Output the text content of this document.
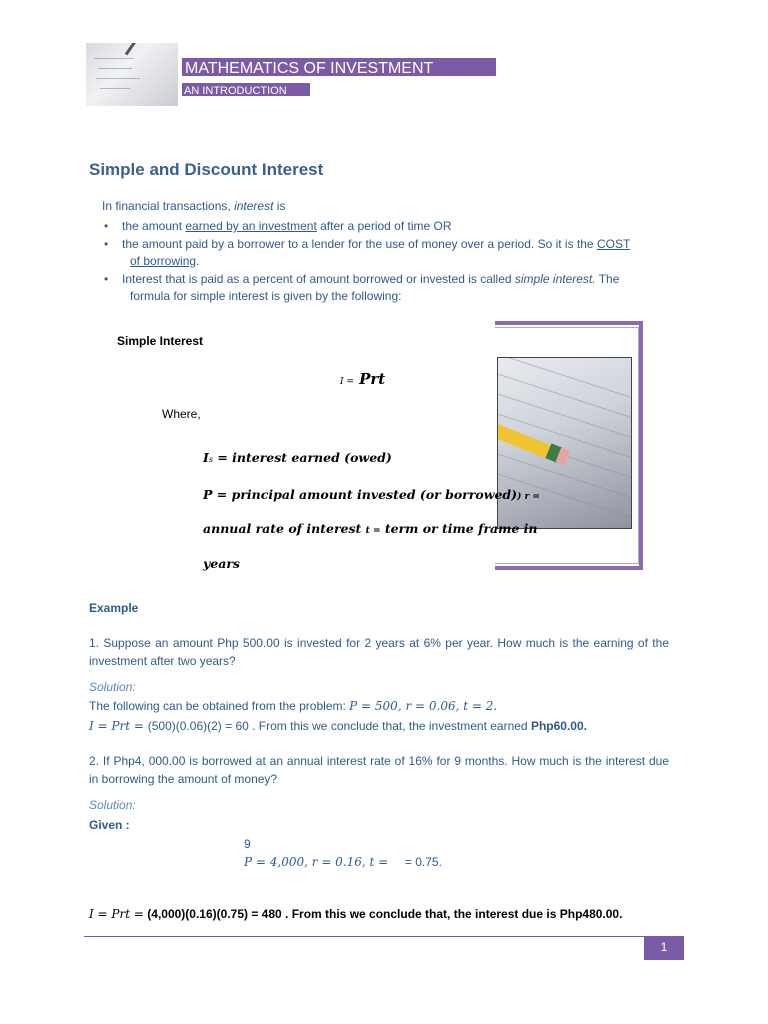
MATHEMATICS OF INVESTMENT
AN INTRODUCTION
Simple and Discount Interest
In financial transactions, interest is
• the amount earned by an investment after a period of time OR
• the amount paid by a borrower to a lender for the use of money over a period. So it is the COST
of borrowing.
• Interest that is paid as a percent of amount borrowed or invested is called simple interest. The
formula for simple interest is given by the following:
Simple Interest
I = Prt
Where,
Is = interest earned (owed)
P = principal amount invested (or borrowed)) r =
annual rate of interest t = term or time frame in
years
Example
1. Suppose an amount Php 500.00 is invested for 2 years at 6% per year. How much is the earning of the investment after two years?
Solution:
The following can be obtained from the problem: P = 500, r = 0.06, t = 2.
I = Prt = (500)(0.06)(2) = 60 . From this we conclude that, the investment earned Php60.00.
2. If Php4, 000.00 is borrowed at an annual interest rate of 16% for 9 months. How much is the interest due in borrowing the amount of money?
Solution:
Given :
9
P = 4,000, r = 0.16, t = = 0.75.
I = Prt = (4,000)(0.16)(0.75) = 480 . From this we conclude that, the interest due is Php480.00.
1
